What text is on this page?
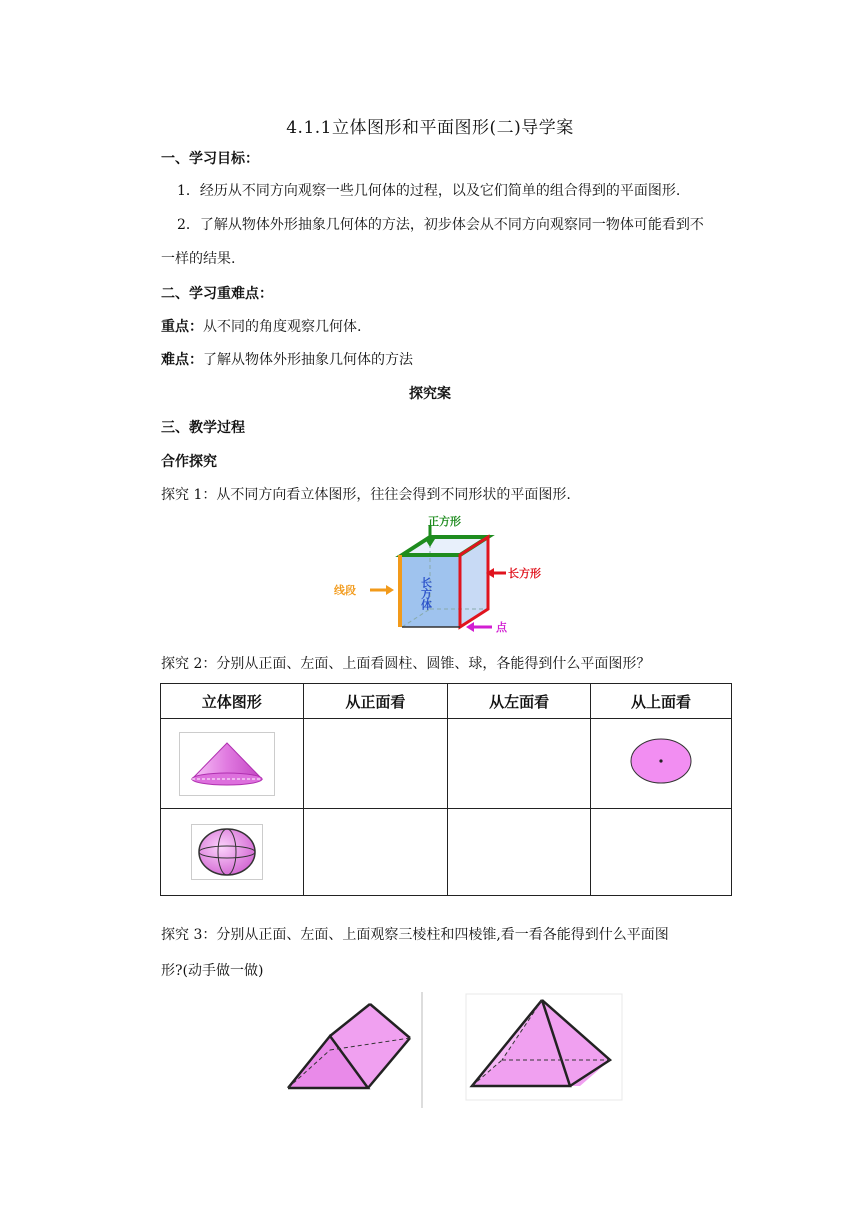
4.1.1立体图形和平面图形(二)导学案
一、学习目标：
1．经历从不同方向观察一些几何体的过程，以及它们简单的组合得到的平面图形.
2．了解从物体外形抽象几何体的方法，初步体会从不同方向观察同一物体可能看到不
一样的结果.
二、学习重难点：
重点：从不同的角度观察几何体.
难点：了解从物体外形抽象几何体的方法
探究案
三、教学过程
合作探究
探究 1：从不同方向看立体图形，往往会得到不同形状的平面图形.
正方形
长方形
线段
点
长方体
探究 2：分别从正面、左面、上面看圆柱、圆锥、球，各能得到什么平面图形？
立体图形	从正面看	从左面看	从上面看

探究 3：分别从正面、左面、上面观察三棱柱和四棱锥,看一看各能得到什么平面图
形?(动手做一做)
